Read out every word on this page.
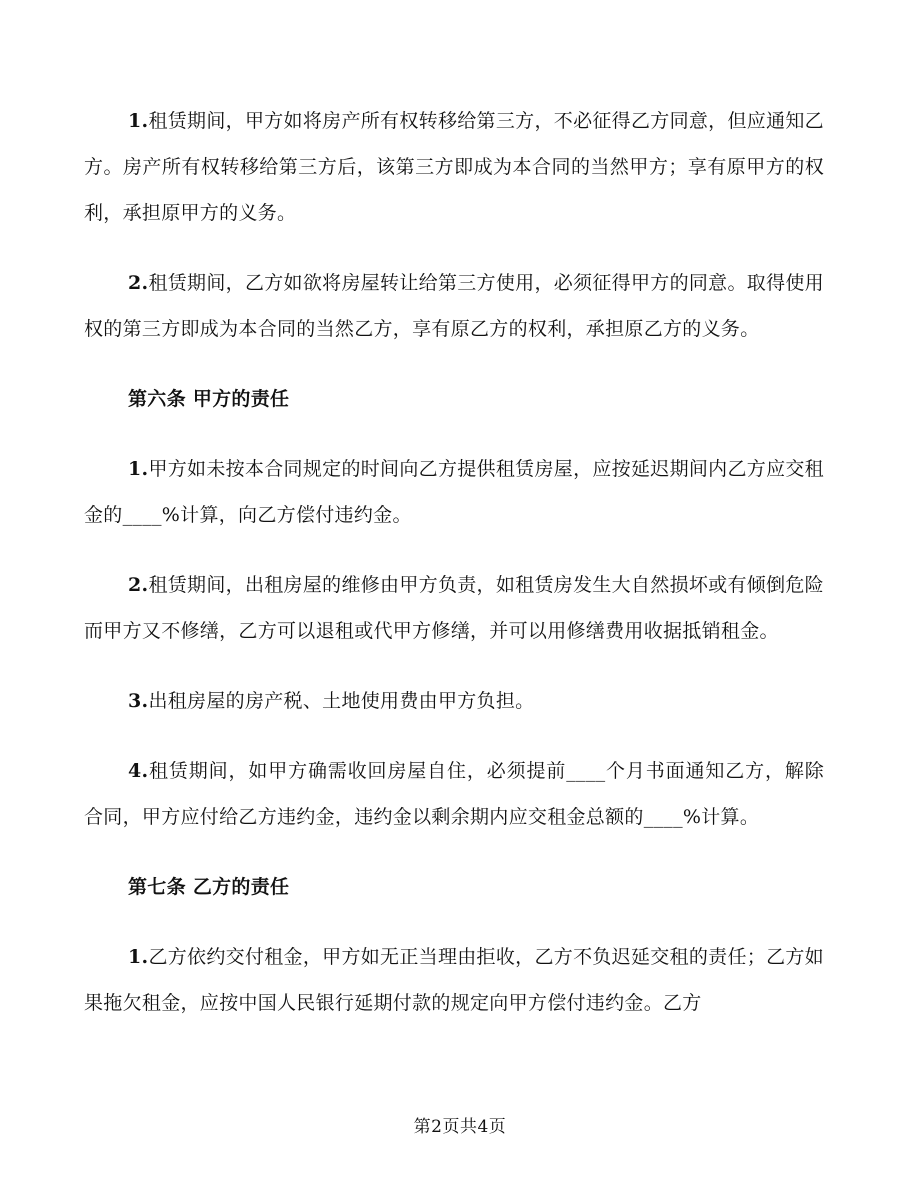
1.租赁期间，甲方如将房产所有权转移给第三方，不必征得乙方同意，但应通知乙方。房产所有权转移给第三方后，该第三方即成为本合同的当然甲方；享有原甲方的权利，承担原甲方的义务。

2.租赁期间，乙方如欲将房屋转让给第三方使用，必须征得甲方的同意。取得使用权的第三方即成为本合同的当然乙方，享有原乙方的权利，承担原乙方的义务。

第六条 甲方的责任

1.甲方如未按本合同规定的时间向乙方提供租赁房屋，应按延迟期间内乙方应交租金的____%计算，向乙方偿付违约金。

2.租赁期间，出租房屋的维修由甲方负责，如租赁房发生大自然损坏或有倾倒危险而甲方又不修缮，乙方可以退租或代甲方修缮，并可以用修缮费用收据抵销租金。

3.出租房屋的房产税、土地使用费由甲方负担。

4.租赁期间，如甲方确需收回房屋自住，必须提前____个月书面通知乙方，解除合同，甲方应付给乙方违约金，违约金以剩余期内应交租金总额的____%计算。

第七条 乙方的责任

1.乙方依约交付租金，甲方如无正当理由拒收，乙方不负迟延交租的责任；乙方如果拖欠租金，应按中国人民银行延期付款的规定向甲方偿付违约金。乙方

第2页共4页
